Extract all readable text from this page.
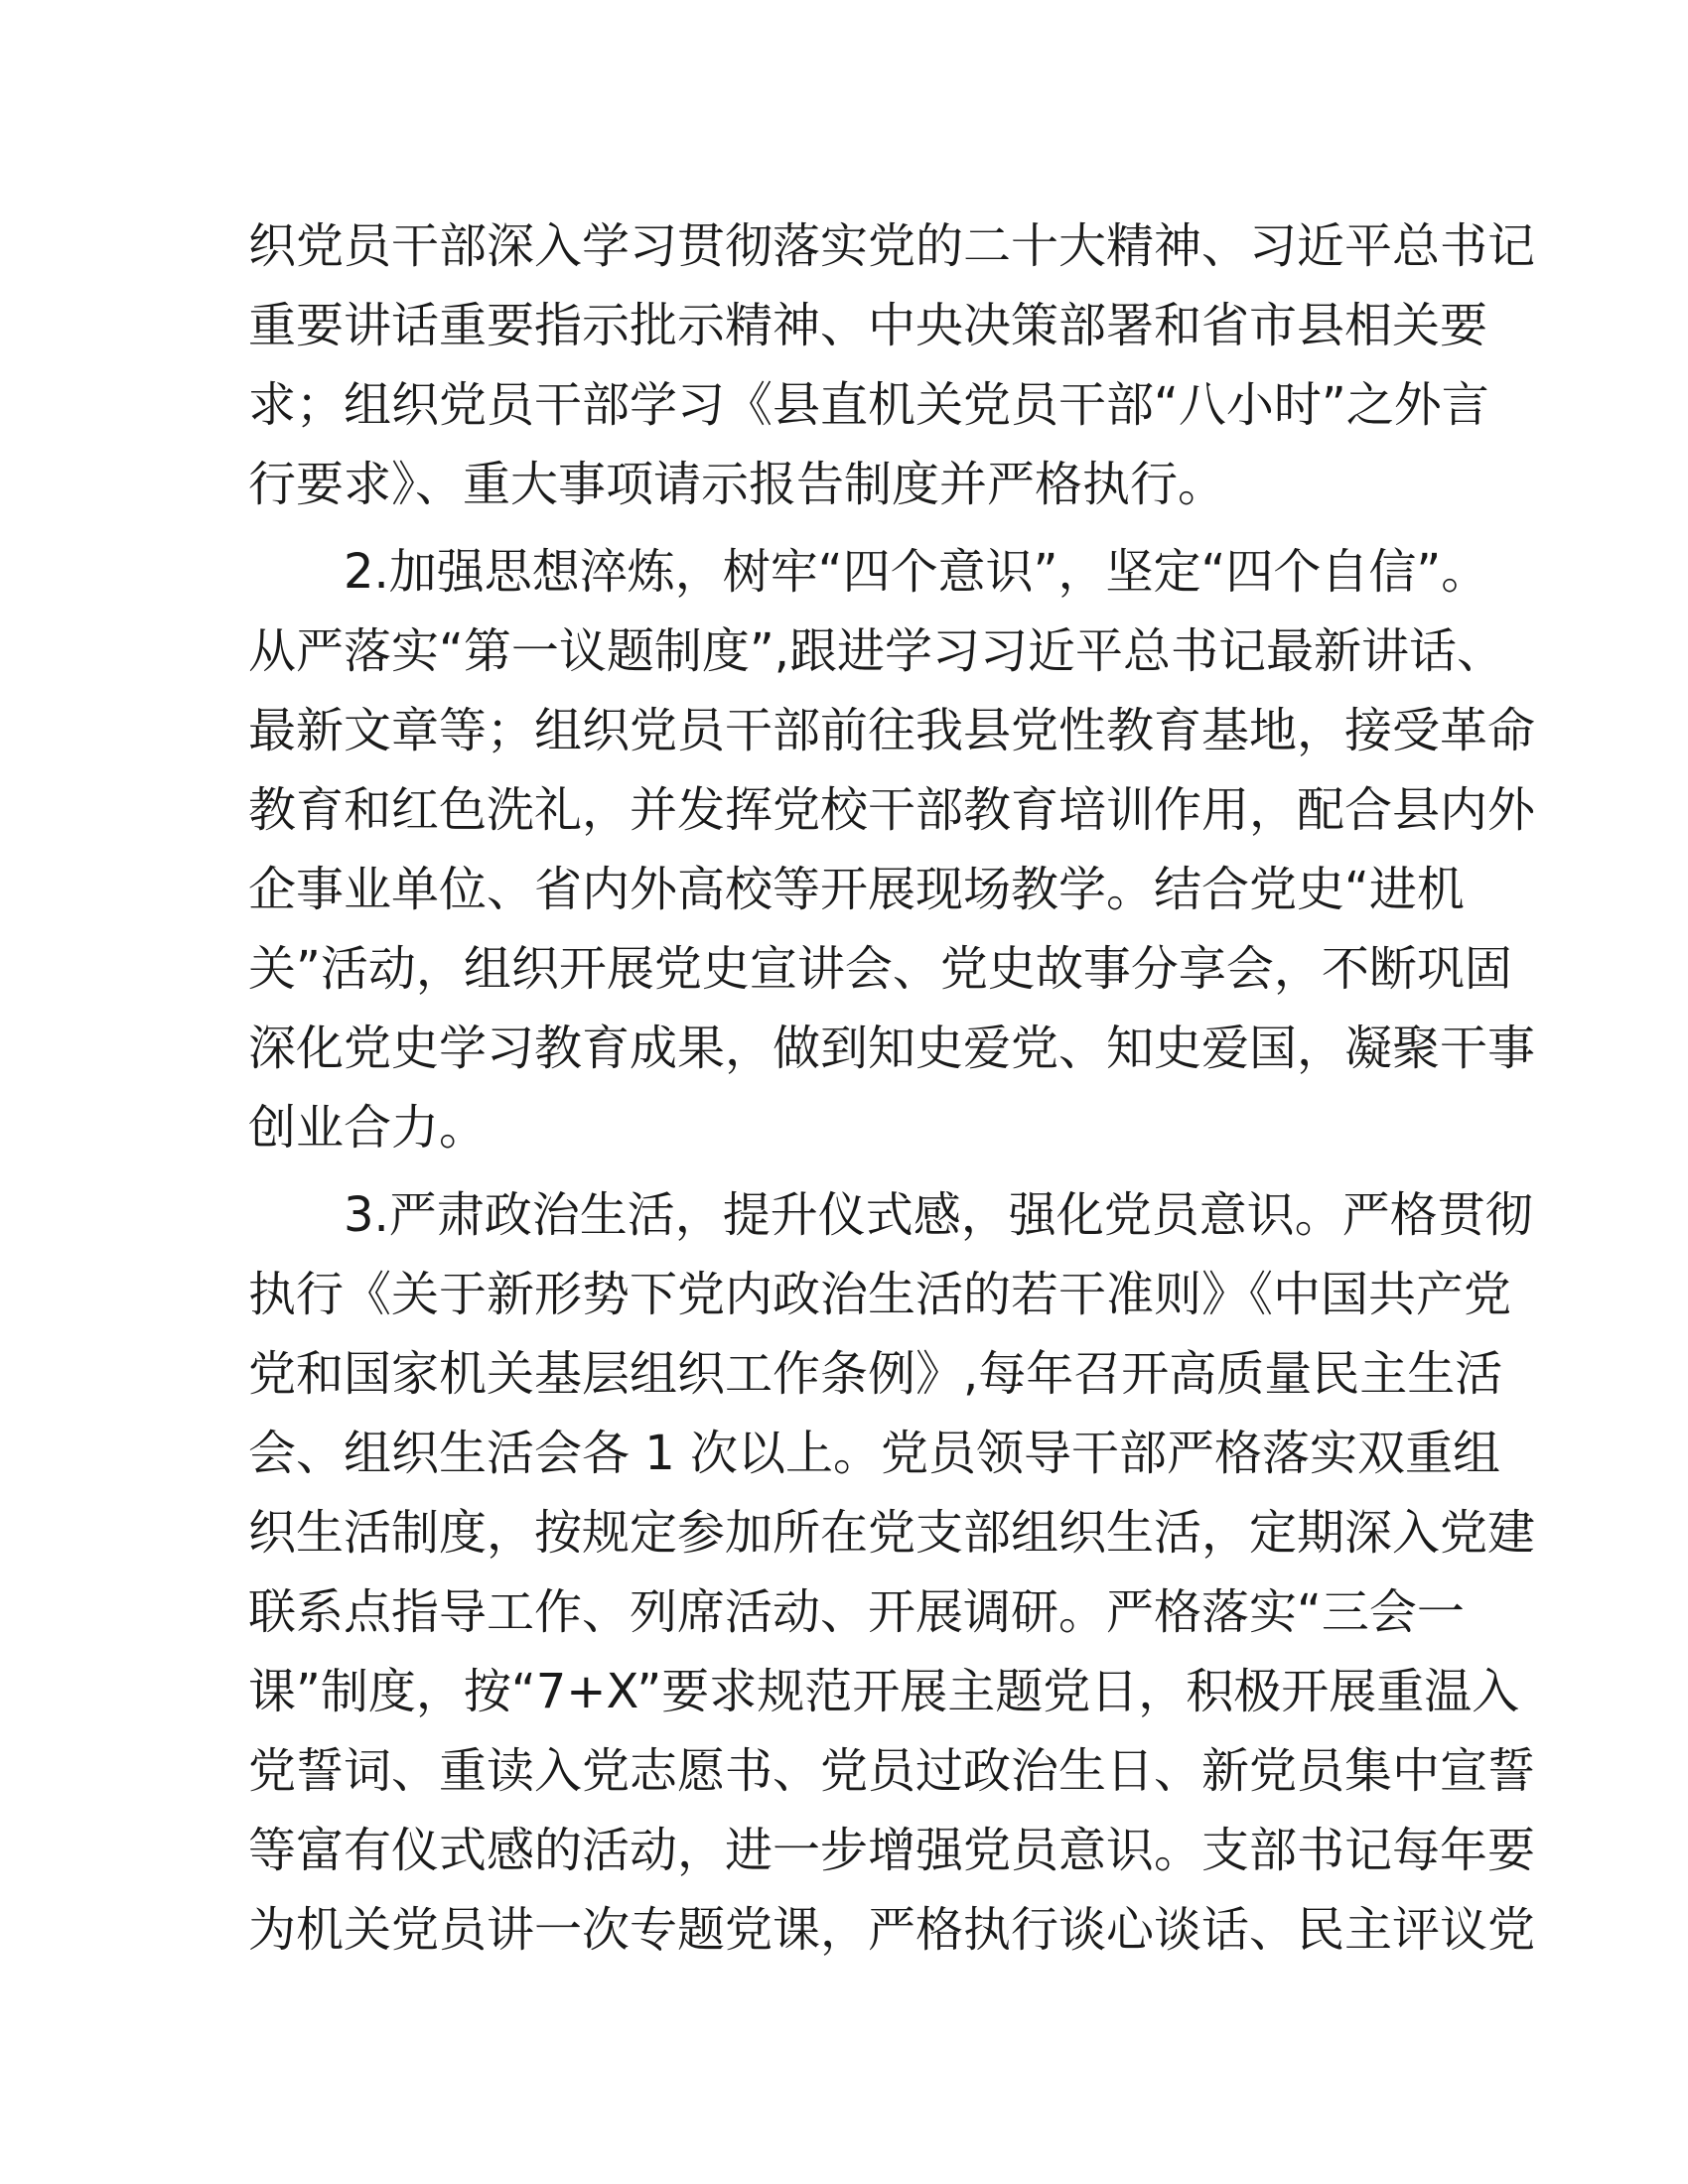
织党员干部深入学习贯彻落实党的二十大精神、习近平总书记
重要讲话重要指示批示精神、中央决策部署和省市县相关要
求；组织党员干部学习《县直机关党员干部“八小时”之外言
行要求》、重大事项请示报告制度并严格执行。
2.加强思想淬炼，树牢“四个意识”，坚定“四个自信”。
从严落实“第一议题制度”,跟进学习习近平总书记最新讲话、
最新文章等；组织党员干部前往我县党性教育基地，接受革命
教育和红色洗礼，并发挥党校干部教育培训作用，配合县内外
企事业单位、省内外高校等开展现场教学。结合党史“进机
关”活动，组织开展党史宣讲会、党史故事分享会，不断巩固
深化党史学习教育成果，做到知史爱党、知史爱国，凝聚干事
创业合力。
3.严肃政治生活，提升仪式感，强化党员意识。严格贯彻
执行《关于新形势下党内政治生活的若干准则》《中国共产党
党和国家机关基层组织工作条例》,每年召开高质量民主生活
会、组织生活会各 1 次以上。党员领导干部严格落实双重组
织生活制度，按规定参加所在党支部组织生活，定期深入党建
联系点指导工作、列席活动、开展调研。严格落实“三会一
课”制度，按“7+X”要求规范开展主题党日，积极开展重温入
党誓词、重读入党志愿书、党员过政治生日、新党员集中宣誓
等富有仪式感的活动，进一步增强党员意识。支部书记每年要
为机关党员讲一次专题党课，严格执行谈心谈话、民主评议党
